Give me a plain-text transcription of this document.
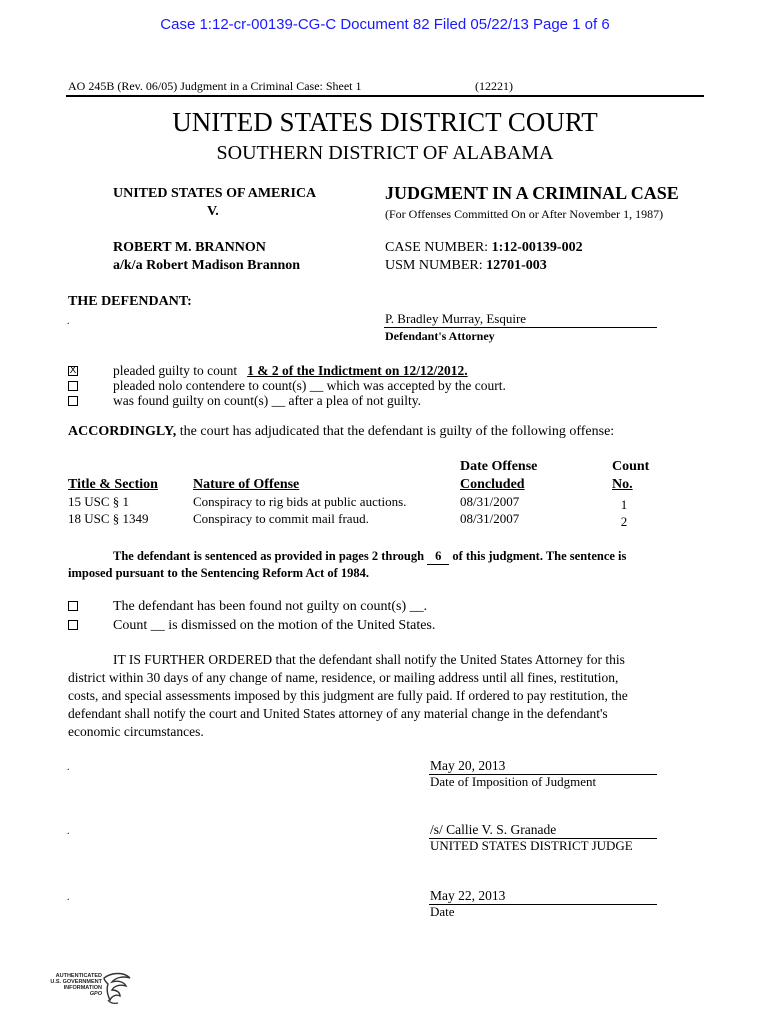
Case 1:12-cr-00139-CG-C Document 82 Filed 05/22/13 Page 1 of 6
AO 245B (Rev. 06/05) Judgment in a Criminal Case: Sheet 1	(12221)
UNITED STATES DISTRICT COURT
SOUTHERN DISTRICT OF ALABAMA
UNITED STATES OF AMERICA
V.
ROBERT M. BRANNON
a/k/a Robert Madison Brannon
JUDGMENT IN A CRIMINAL CASE
(For Offenses Committed On or After November 1, 1987)
CASE NUMBER: 1:12-00139-002
USM NUMBER: 12701-003
THE DEFENDANT:
.	P. Bradley Murray, Esquire
Defendant's Attorney
X	pleaded guilty to count 1 & 2 of the Indictment on 12/12/2012.
pleaded nolo contendere to count(s) __ which was accepted by the court.
was found guilty on count(s) __ after a plea of not guilty.
ACCORDINGLY, the court has adjudicated that the defendant is guilty of the following offense:
Date Offense	Count
Title & Section	Nature of Offense	Concluded	No.
15 USC § 1	Conspiracy to rig bids at public auctions.	08/31/2007	1
18 USC § 1349	Conspiracy to commit mail fraud.	08/31/2007	2
The defendant is sentenced as provided in pages 2 through 6 of this judgment. The sentence is
imposed pursuant to the Sentencing Reform Act of 1984.
The defendant has been found not guilty on count(s) __.
Count __ is dismissed on the motion of the United States.
IT IS FURTHER ORDERED that the defendant shall notify the United States Attorney for this
district within 30 days of any change of name, residence, or mailing address until all fines, restitution,
costs, and special assessments imposed by this judgment are fully paid. If ordered to pay restitution, the
defendant shall notify the court and United States attorney of any material change in the defendant's
economic circumstances.
.	May 20, 2013
Date of Imposition of Judgment
.	/s/ Callie V. S. Granade
UNITED STATES DISTRICT JUDGE
.	May 22, 2013
Date
AUTHENTICATED
U.S. GOVERNMENT
INFORMATION
GPO
